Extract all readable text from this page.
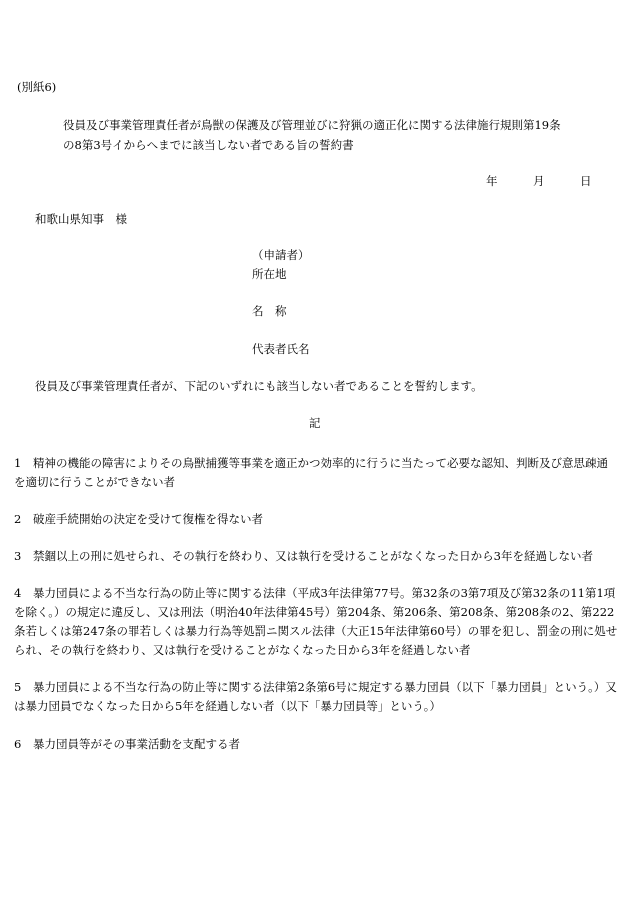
(別紙6)
役員及び事業管理責任者が鳥獣の保護及び管理並びに狩猟の適正化に関する法律施行規則第19条
の8第3号イからへまでに該当しない者である旨の誓約書
年	月	日
和歌山県知事　様
（申請者）
所在地
名　称
代表者氏名
役員及び事業管理責任者が、下記のいずれにも該当しない者であることを誓約します。
記
1 精神の機能の障害によりその鳥獣捕獲等事業を適正かつ効率的に行うに当たって必要な認知、判断及び意思疎通を適切に行うことができない者
2 破産手続開始の決定を受けて復権を得ない者
3 禁錮以上の刑に処せられ、その執行を終わり、又は執行を受けることがなくなった日から3年を経過しない者
4 暴力団員による不当な行為の防止等に関する法律（平成3年法律第77号。第32条の3第7項及び第32条の11第1項を除く。）の規定に違反し、又は刑法（明治40年法律第45号）第204条、第206条、第208条、第208条の2、第222条若しくは第247条の罪若しくは暴力行為等処罰ニ関スル法律（大正15年法律第60号）の罪を犯し、罰金の刑に処せられ、その執行を終わり、又は執行を受けることがなくなった日から3年を経過しない者
5 暴力団員による不当な行為の防止等に関する法律第2条第6号に規定する暴力団員（以下「暴力団員」という。）又は暴力団員でなくなった日から5年を経過しない者（以下「暴力団員等」という。）
6 暴力団員等がその事業活動を支配する者
